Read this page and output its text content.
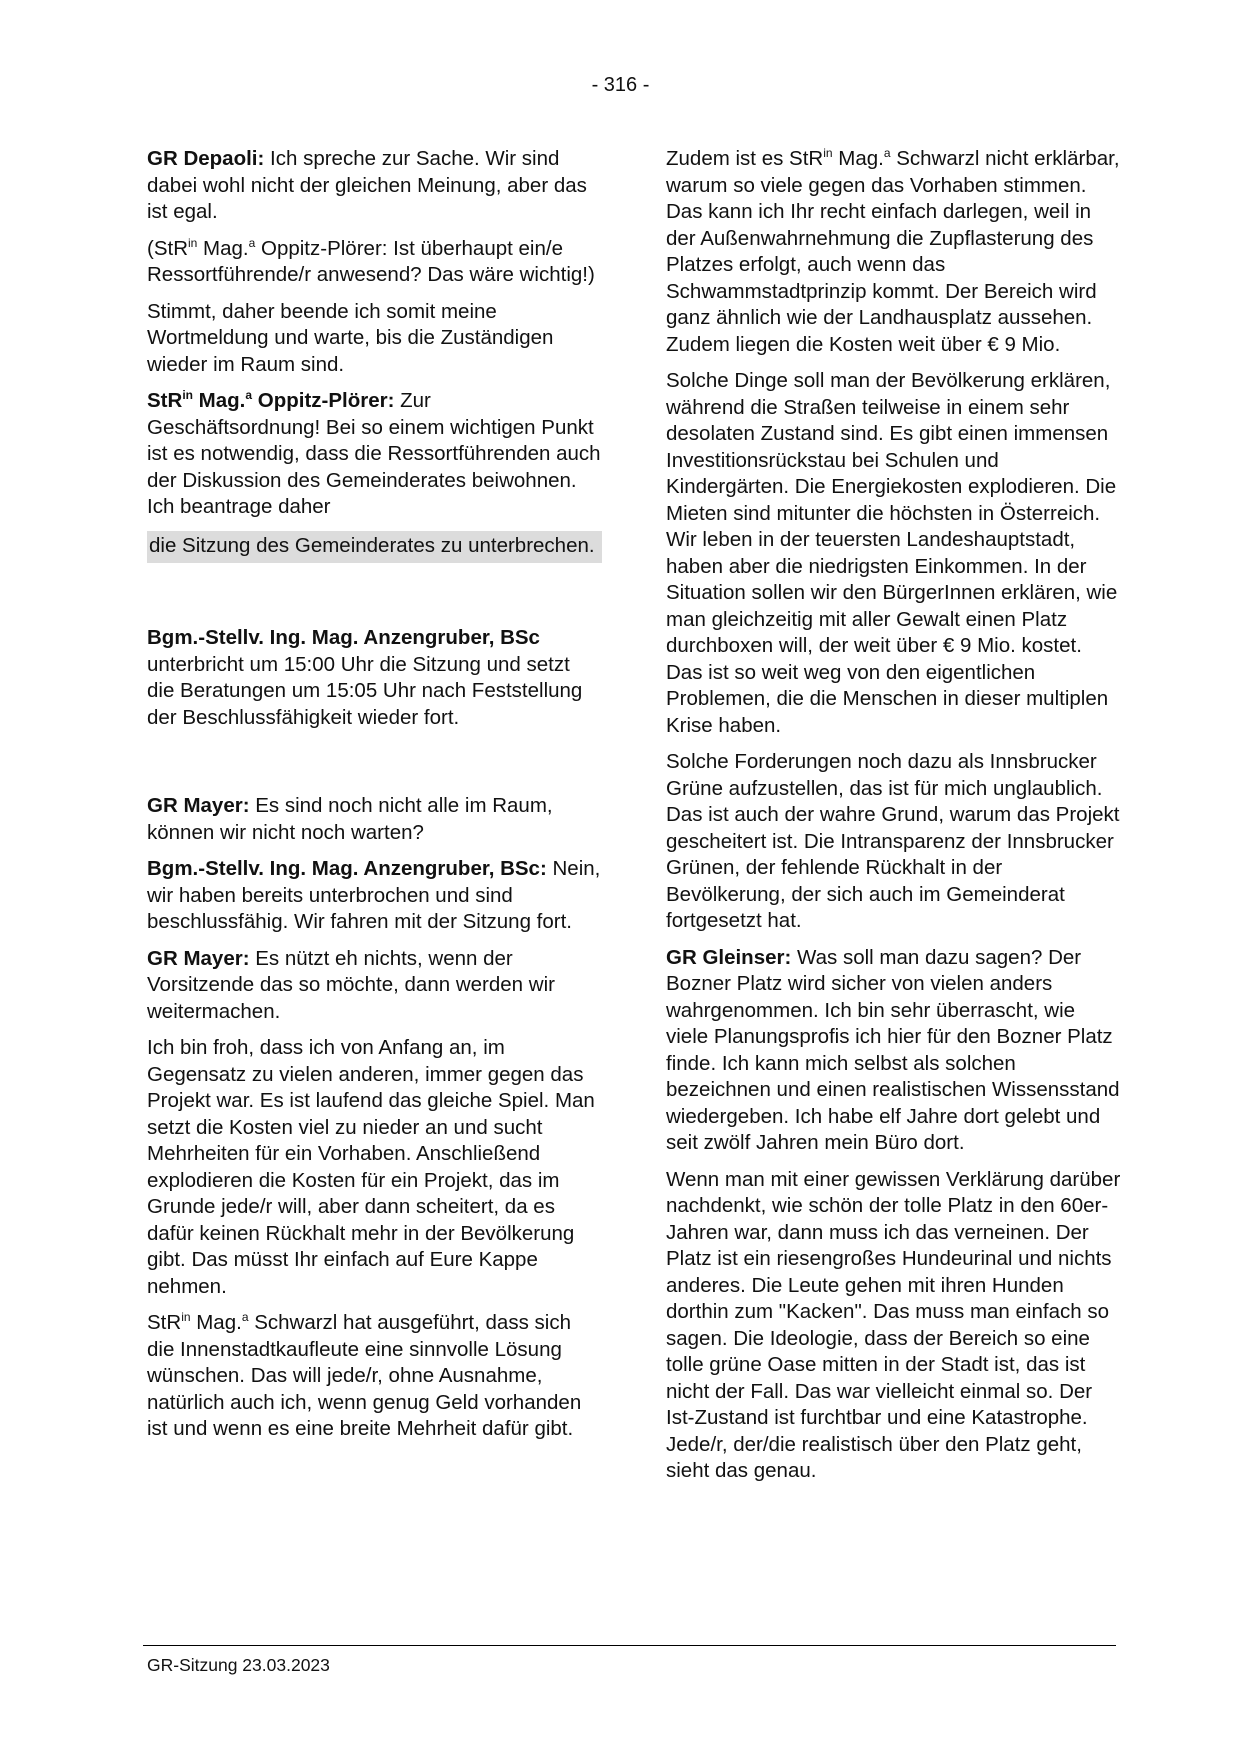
- 316 -

GR Depaoli: Ich spreche zur Sache. Wir sind dabei wohl nicht der gleichen Meinung, aber das ist egal.

(StR$^{in}$ Mag.$^a$ Oppitz-Plörer: Ist überhaupt ein/e Ressortführende/r anwesend? Das wäre wichtig!)

Stimmt, daher beende ich somit meine Wortmeldung und warte, bis die Zuständigen wieder im Raum sind.

StR$^{in}$ Mag.$^a$ Oppitz-Plörer: Zur Geschäftsordnung! Bei so einem wichtigen Punkt ist es notwendig, dass die Ressortführenden auch der Diskussion des Gemeinderates beiwohnen. Ich beantrage daher

die Sitzung des Gemeinderates zu unterbrechen.

Bgm.-Stellv. Ing. Mag. Anzengruber, BSc unterbricht um 15:00 Uhr die Sitzung und setzt die Beratungen um 15:05 Uhr nach Feststellung der Beschlussfähigkeit wieder fort.

GR Mayer: Es sind noch nicht alle im Raum, können wir nicht noch warten?

Bgm.-Stellv. Ing. Mag. Anzengruber, BSc: Nein, wir haben bereits unterbrochen und sind beschlussfähig. Wir fahren mit der Sitzung fort.

GR Mayer: Es nützt eh nichts, wenn der Vorsitzende das so möchte, dann werden wir weitermachen.

Ich bin froh, dass ich von Anfang an, im Gegensatz zu vielen anderen, immer gegen das Projekt war. Es ist laufend das gleiche Spiel. Man setzt die Kosten viel zu nieder an und sucht Mehrheiten für ein Vorhaben. Anschließend explodieren die Kosten für ein Projekt, das im Grunde jede/r will, aber dann scheitert, da es dafür keinen Rückhalt mehr in der Bevölkerung gibt. Das müsst Ihr einfach auf Eure Kappe nehmen.

StR$^{in}$ Mag.$^a$ Schwarzl hat ausgeführt, dass sich die Innenstadtkaufleute eine sinnvolle Lösung wünschen. Das will jede/r, ohne Ausnahme, natürlich auch ich, wenn genug Geld vorhanden ist und wenn es eine breite Mehrheit dafür gibt.

Zudem ist es StR$^{in}$ Mag.$^a$ Schwarzl nicht erklärbar, warum so viele gegen das Vorhaben stimmen. Das kann ich Ihr recht einfach darlegen, weil in der Außenwahrnehmung die Zupflasterung des Platzes erfolgt, auch wenn das Schwammstadtprinzip kommt. Der Bereich wird ganz ähnlich wie der Landhausplatz aussehen. Zudem liegen die Kosten weit über € 9 Mio.

Solche Dinge soll man der Bevölkerung erklären, während die Straßen teilweise in einem sehr desolaten Zustand sind. Es gibt einen immensen Investitionsrückstau bei Schulen und Kindergärten. Die Energiekosten explodieren. Die Mieten sind mitunter die höchsten in Österreich. Wir leben in der teuersten Landeshauptstadt, haben aber die niedrigsten Einkommen. In der Situation sollen wir den BürgerInnen erklären, wie man gleichzeitig mit aller Gewalt einen Platz durchboxen will, der weit über € 9 Mio. kostet. Das ist so weit weg von den eigentlichen Problemen, die die Menschen in dieser multiplen Krise haben.

Solche Forderungen noch dazu als Innsbrucker Grüne aufzustellen, das ist für mich unglaublich. Das ist auch der wahre Grund, warum das Projekt gescheitert ist. Die Intransparenz der Innsbrucker Grünen, der fehlende Rückhalt in der Bevölkerung, der sich auch im Gemeinderat fortgesetzt hat.

GR Gleinser: Was soll man dazu sagen? Der Bozner Platz wird sicher von vielen anders wahrgenommen. Ich bin sehr überrascht, wie viele Planungsprofis ich hier für den Bozner Platz finde. Ich kann mich selbst als solchen bezeichnen und einen realistischen Wissensstand wiedergeben. Ich habe elf Jahre dort gelebt und seit zwölf Jahren mein Büro dort.

Wenn man mit einer gewissen Verklärung darüber nachdenkt, wie schön der tolle Platz in den 60er-Jahren war, dann muss ich das verneinen. Der Platz ist ein riesengroßes Hundeurinal und nichts anderes. Die Leute gehen mit ihren Hunden dorthin zum "Kacken". Das muss man einfach so sagen. Die Ideologie, dass der Bereich so eine tolle grüne Oase mitten in der Stadt ist, das ist nicht der Fall. Das war vielleicht einmal so. Der Ist-Zustand ist furchtbar und eine Katastrophe. Jede/r, der/die realistisch über den Platz geht, sieht das genau.

GR-Sitzung 23.03.2023
